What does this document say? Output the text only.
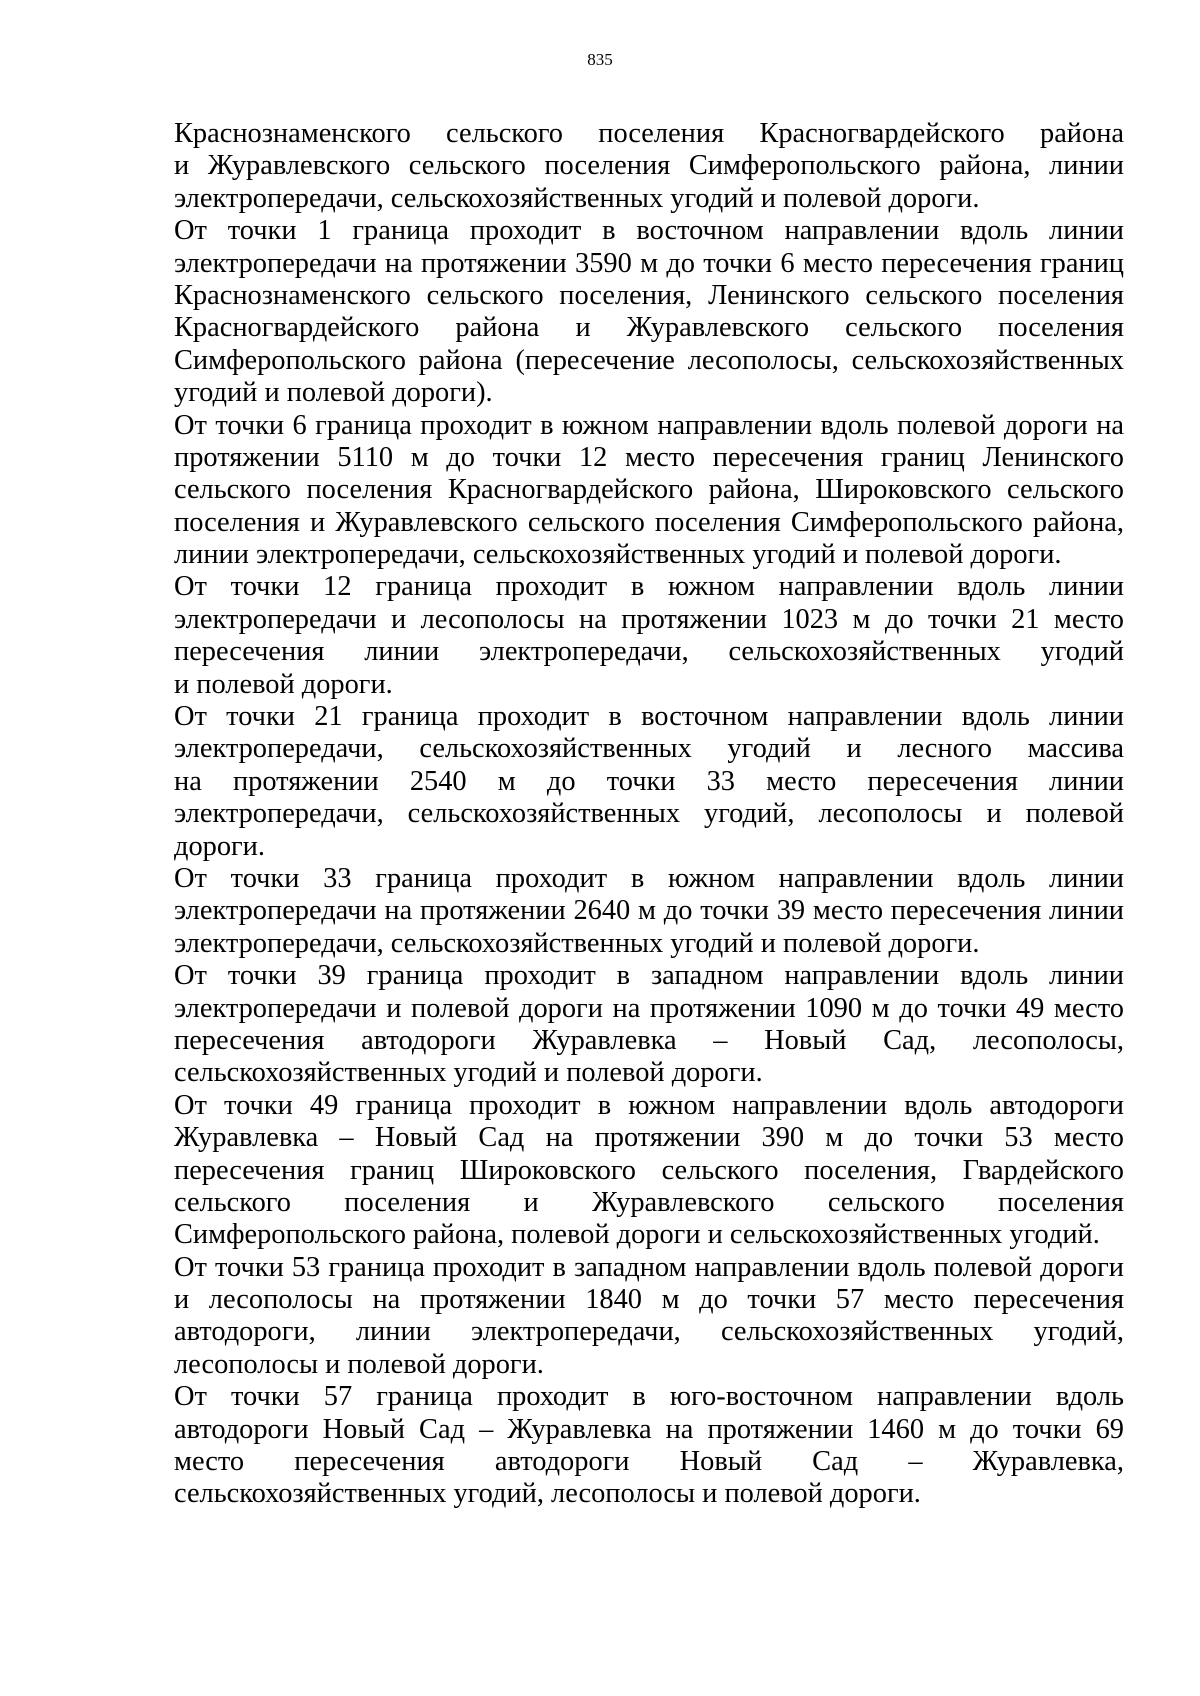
835
Краснознаменского сельского поселения Красногвардейского района
и Журавлевского сельского поселения Симферопольского района, линии
электропередачи, сельскохозяйственных угодий и полевой дороги.
От точки 1 граница проходит в восточном направлении вдоль линии
электропередачи на протяжении 3590 м до точки 6 место пересечения границ
Краснознаменского сельского поселения, Ленинского сельского поселения
Красногвардейского района и Журавлевского сельского поселения
Симферопольского района (пересечение лесополосы, сельскохозяйственных
угодий и полевой дороги).
От точки 6 граница проходит в южном направлении вдоль полевой дороги на
протяжении 5110 м до точки 12 место пересечения границ Ленинского
сельского поселения Красногвардейского района, Широковского сельского
поселения и Журавлевского сельского поселения Симферопольского района,
линии электропередачи, сельскохозяйственных угодий и полевой дороги.
От точки 12 граница проходит в южном направлении вдоль линии
электропередачи и лесополосы на протяжении 1023 м до точки 21 место
пересечения линии электропередачи, сельскохозяйственных угодий
и полевой дороги.
От точки 21 граница проходит в восточном направлении вдоль линии
электропередачи, сельскохозяйственных угодий и лесного массива
на протяжении 2540 м до точки 33 место пересечения линии
электропередачи, сельскохозяйственных угодий, лесополосы и полевой
дороги.
От точки 33 граница проходит в южном направлении вдоль линии
электропередачи на протяжении 2640 м до точки 39 место пересечения линии
электропередачи, сельскохозяйственных угодий и полевой дороги.
От точки 39 граница проходит в западном направлении вдоль линии
электропередачи и полевой дороги на протяжении 1090 м до точки 49 место
пересечения автодороги Журавлевка – Новый Сад, лесополосы,
сельскохозяйственных угодий и полевой дороги.
От точки 49 граница проходит в южном направлении вдоль автодороги
Журавлевка – Новый Сад на протяжении 390 м до точки 53 место
пересечения границ Широковского сельского поселения, Гвардейского
сельского поселения и Журавлевского сельского поселения
Симферопольского района, полевой дороги и сельскохозяйственных угодий.
От точки 53 граница проходит в западном направлении вдоль полевой дороги
и лесополосы на протяжении 1840 м до точки 57 место пересечения
автодороги, линии электропередачи, сельскохозяйственных угодий,
лесополосы и полевой дороги.
От точки 57 граница проходит в юго-восточном направлении вдоль
автодороги Новый Сад – Журавлевка на протяжении 1460 м до точки 69
место пересечения автодороги Новый Сад – Журавлевка,
сельскохозяйственных угодий, лесополосы и полевой дороги.
